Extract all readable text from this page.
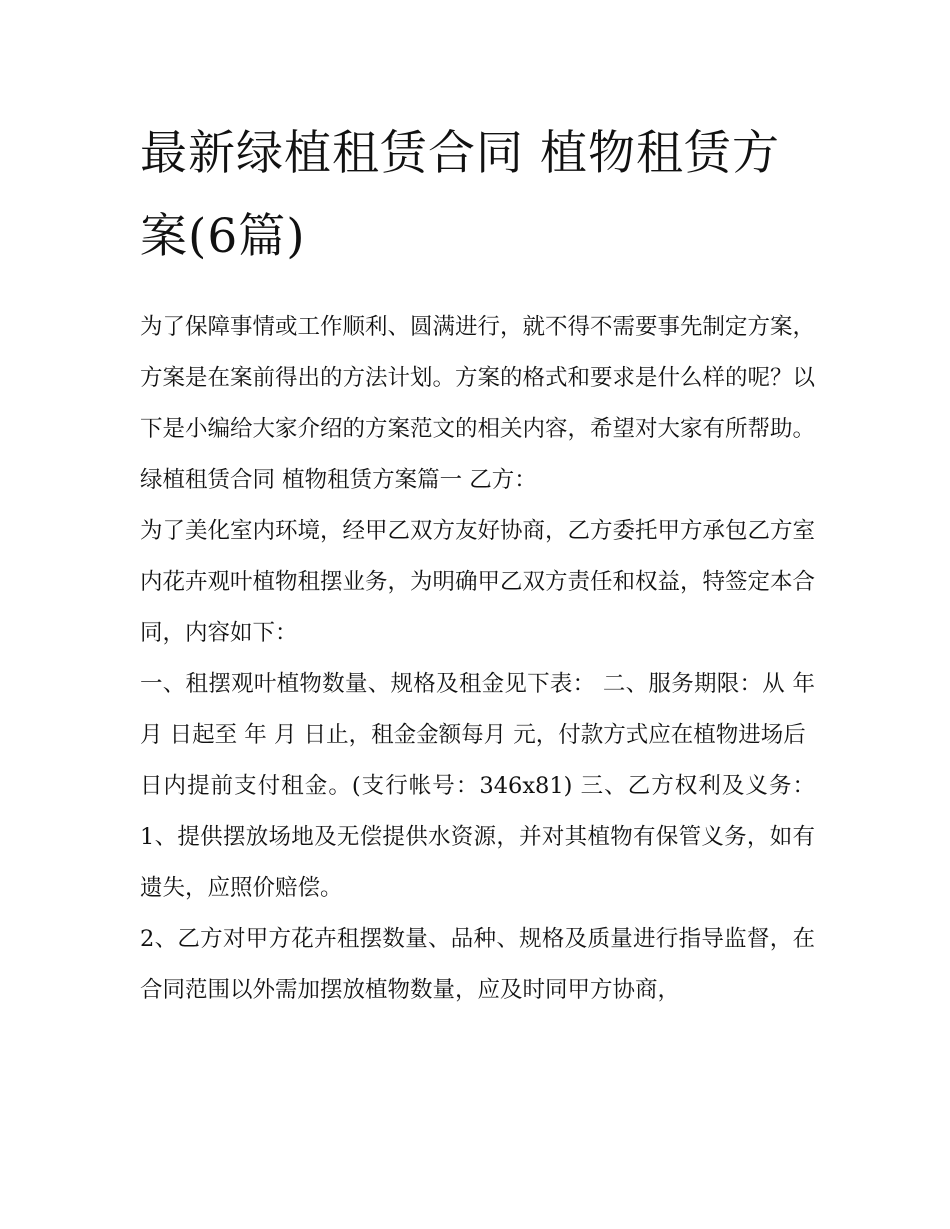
最新绿植租赁合同 植物租赁方案(6篇)

为了保障事情或工作顺利、圆满进行，就不得不需要事先制定方案，方案是在案前得出的方法计划。方案的格式和要求是什么样的呢？以下是小编给大家介绍的方案范文的相关内容，希望对大家有所帮助。

绿植租赁合同 植物租赁方案篇一 乙方：

为了美化室内环境，经甲乙双方友好协商，乙方委托甲方承包乙方室内花卉观叶植物租摆业务，为明确甲乙双方责任和权益，特签定本合同，内容如下：

一、租摆观叶植物数量、规格及租金见下表： 二、服务期限：从 年 月 日起至 年 月 日止，租金金额每月 元，付款方式应在植物进场后

日内提前支付租金。(支行帐号：346x81) 三、乙方权利及义务： 1、提供摆放场地及无偿提供水资源，并对其植物有保管义务，如有遗失，应照价赔偿。

2、乙方对甲方花卉租摆数量、品种、规格及质量进行指导监督，在合同范围以外需加摆放植物数量，应及时同甲方协商，
